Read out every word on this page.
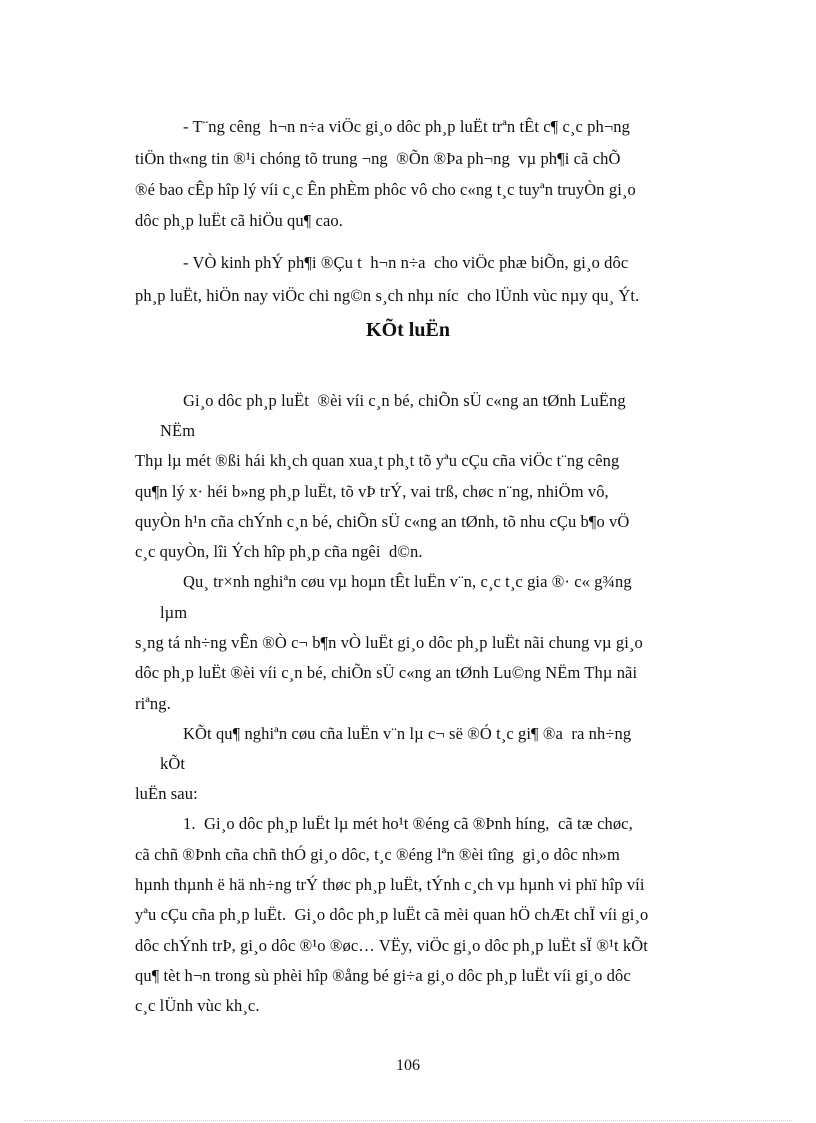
- T¨ng cêng  h¬n n÷a viÖc gi¸o dôc ph¸p luËt trªn tÊt c¶ c¸c ph¬ng
tiÖn th«ng tin ®¹i chóng tõ trung ¬ng  ®Õn ®Þa ph¬ng  vµ ph¶i cã chÕ
®é bao cÊp hîp lý víi c¸c Ên phÈm phôc vô cho c«ng t¸c tuyªn truyÒn gi¸o
dôc ph¸p luËt cã hiÖu qu¶ cao.
- VÒ kinh phÝ ph¶i ®Çu t  h¬n n÷a  cho viÖc phæ biÕn, gi¸o dôc
ph¸p luËt, hiÖn nay viÖc chi ng©n s¸ch nhµ níc  cho lÜnh vùc nµy qu¸ Ýt.
KÕt luËn
Gi¸o dôc ph¸p luËt  ®èi víi c¸n bé, chiÕn sÜ c«ng an tØnh LuËng
NËm
Thµ lµ mét ®ßi hái kh¸ch quan xua¸t ph¸t tõ yªu cÇu cña viÖc t¨ng cêng
qu¶n lý x· héi b»ng ph¸p luËt, tõ vÞ trÝ, vai trß, chøc n¨ng, nhiÖm vô,
quyÒn h¹n cña chÝnh c¸n bé, chiÕn sÜ c«ng an tØnh, tõ nhu cÇu b¶o vÖ
c¸c quyÒn, lîi Ých hîp ph¸p cña ngêi  d©n.
Qu¸ tr×nh nghiªn cøu vµ hoµn tÊt luËn v¨n, c¸c t¸c gia ®· c« g¾ng
lµm
s¸ng tá nh÷ng vÊn ®Ò c¬ b¶n vÒ luËt gi¸o dôc ph¸p luËt nãi chung vµ gi¸o
dôc ph¸p luËt ®èi víi c¸n bé, chiÕn sÜ c«ng an tØnh Lu©ng NËm Thµ nãi
riªng.
KÕt qu¶ nghiªn cøu cña luËn v¨n lµ c¬ së ®Ó t¸c gi¶ ®a  ra nh÷ng
kÕt
luËn sau:
1.  Gi¸o dôc ph¸p luËt lµ mét ho¹t ®éng cã ®Þnh híng,  cã tæ chøc,
cã chñ ®Þnh cña chñ thÓ gi¸o dôc, t¸c ®éng lªn ®èi tîng  gi¸o dôc nh»m
hµnh thµnh ë hä nh÷ng trÝ thøc ph¸p luËt, tÝnh c¸ch vµ hµnh vi phï hîp víi
yªu cÇu cña ph¸p luËt.  Gi¸o dôc ph¸p luËt cã mèi quan hÖ chÆt chÏ víi gi¸o
dôc chÝnh trÞ, gi¸o dôc ®¹o ®øc… VËy, viÖc gi¸o dôc ph¸p luËt sÏ ®¹t kÕt
qu¶ tèt h¬n trong sù phèi hîp ®ång bé gi÷a gi¸o dôc ph¸p luËt víi gi¸o dôc
c¸c lÜnh vùc kh¸c.
106
